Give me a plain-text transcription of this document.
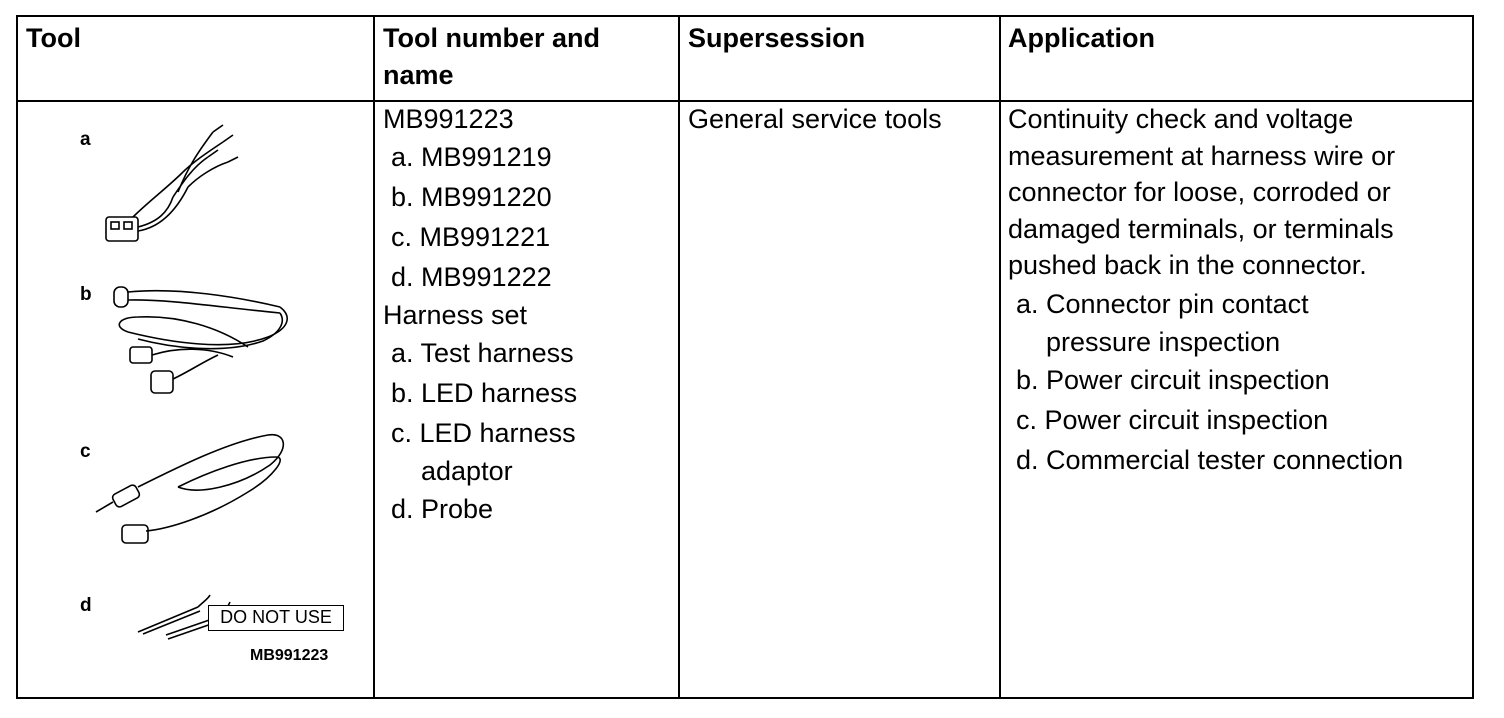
Tool	Tool number and
name
Supersession	Application
MB991223
a. MB991219
b. MB991220
c. MB991221
d. MB991222
Harness set
a. Test harness
b. LED harness
c. LED harness
adaptor
d. Probe
General service tools Continuity check and voltage
measurement at harness wire or
connector for loose, corroded or
damaged terminals, or terminals
pushed back in the connector.
a. Connector pin contact
pressure inspection
b. Power circuit inspection
c. Power circuit inspection
d. Commercial tester connection
a
b
c
d
DO NOT USE
MB991223
